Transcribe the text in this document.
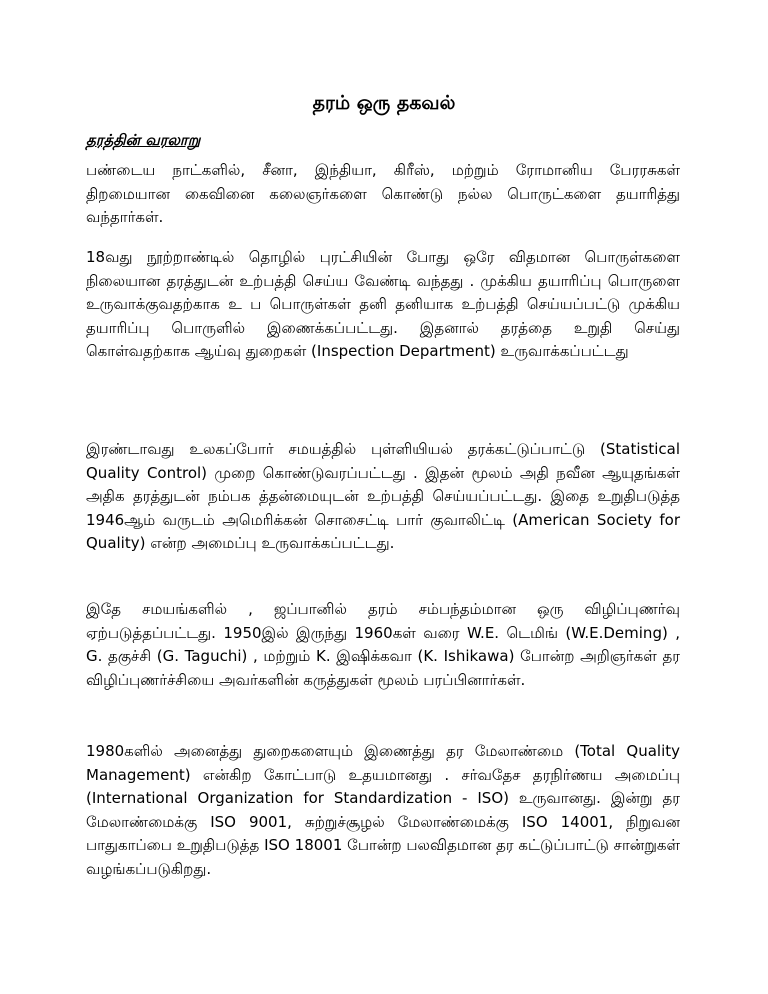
தரம் ஒரு தகவல்
தரத்தின் வரலாறு

பண்டைய நாட்களில், சீனா, இந்தியா, கிரீஸ், மற்றும் ரோமானிய பேரரசுகள் திறமையான கைவினை கலைஞர்களை கொண்டு நல்ல பொருட்களை தயாரித்து வந்தார்கள்.

18வது நூற்றாண்டில் தொழில் புரட்சியின் போது ஒரே விதமான பொருள்களை நிலையான தரத்துடன் உற்பத்தி செய்ய வேண்டி வந்தது . முக்கிய தயாரிப்பு பொருளை உருவாக்குவதற்காக உ ப பொருள்கள் தனி தனியாக உற்பத்தி செய்யப்பட்டு முக்கிய தயாரிப்பு பொருளில் இணைக்கப்பட்டது. இதனால் தரத்தை உறுதி செய்து கொள்வதற்காக ஆய்வு துறைகள் (Inspection Department) உருவாக்கப்பட்டது

இரண்டாவது உலகப்போர் சமயத்தில் புள்ளியியல் தரக்கட்டுப்பாட்டு (Statistical Quality Control) முறை கொண்டுவரப்பட்டது . இதன் மூலம் அதி நவீன ஆயுதங்கள் அதிக தரத்துடன் நம்பக த்தன்மையுடன் உற்பத்தி செய்யப்பட்டது. இதை உறுதிபடுத்த 1946ஆம் வருடம் அமெரிக்கன் சொசைட்டி பார் குவாலிட்டி (American Society for Quality) என்ற அமைப்பு உருவாக்கப்பட்டது.

இதே சமயங்களில் , ஜப்பானில் தரம் சம்பந்தம்மான ஒரு விழிப்புணர்வு ஏற்படுத்தப்பட்டது. 1950இல் இருந்து 1960கள் வரை W.E. டெமிங் (W.E.Deming) , G. தகுச்சி (G. Taguchi) , மற்றும் K. இஷிக்கவா (K. Ishikawa) போன்ற அறிஞர்கள் தர விழிப்புணர்ச்சியை அவர்களின் கருத்துகள் மூலம் பரப்பினார்கள்.

1980களில் அனைத்து துறைகளையும் இணைத்து தர மேலாண்மை (Total Quality Management) என்கிற கோட்பாடு உதயமானது . சர்வதேச தரநிர்ணய அமைப்பு (International Organization for Standardization - ISO) உருவானது. இன்று தர மேலாண்மைக்கு ISO 9001, சுற்றுச்சூழல் மேலாண்மைக்கு ISO 14001, நிறுவன பாதுகாப்பை உறுதிபடுத்த ISO 18001 போன்ற பலவிதமான தர கட்டுப்பாட்டு சான்றுகள் வழங்கப்படுகிறது.
